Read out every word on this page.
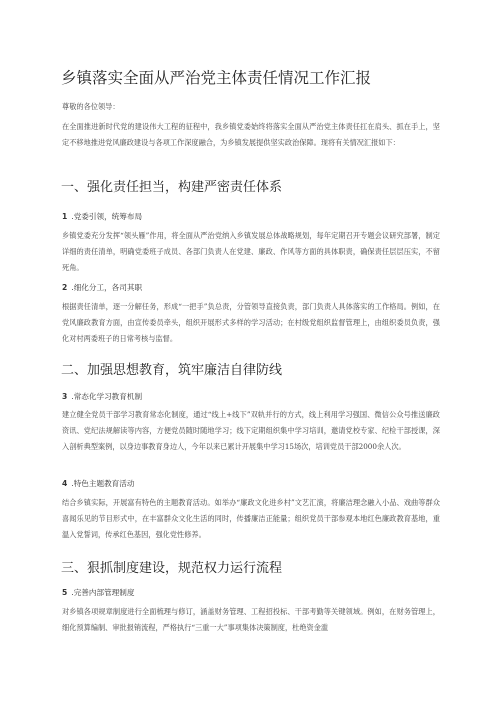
乡镇落实全面从严治党主体责任情况工作汇报

尊敬的各位领导：

在全面推进新时代党的建设伟大工程的征程中，我乡镇党委始终将落实全面从严治党主体责任扛在肩头、抓在手上，坚定不移地推进党风廉政建设与各项工作深度融合，为乡镇发展提供坚实政治保障。现将有关情况汇报如下：

一、强化责任担当，构建严密责任体系
1 .党委引领，统筹布局

乡镇党委充分发挥“领头雁”作用，将全面从严治党纳入乡镇发展总体战略规划，每年定期召开专题会议研究部署，制定详细的责任清单，明确党委班子成员、各部门负责人在党建、廉政、作风等方面的具体职责，确保责任层层压实，不留死角。

2 .细化分工，各司其职

根据责任清单，逐一分解任务，形成“一把手”负总责，分管领导直接负责，部门负责人具体落实的工作格局。例如，在党风廉政教育方面，由宣传委员牵头，组织开展形式多样的学习活动；在村级党组织监督管理上，由组织委员负责，强化对村两委班子的日常考核与监督。

二、加强思想教育，筑牢廉洁自律防线
3 .常态化学习教育机制

建立健全党员干部学习教育常态化制度，通过“线上+线下”双轨并行的方式，线上利用学习强国、微信公众号推送廉政资讯、党纪法规解读等内容，方便党员随时随地学习；线下定期组织集中学习培训，邀请党校专家、纪检干部授课，深入剖析典型案例，以身边事教育身边人，今年以来已累计开展集中学习15场次，培训党员干部2000余人次。

4 .特色主题教育活动

结合乡镇实际，开展富有特色的主题教育活动。如举办“廉政文化进乡村”文艺汇演，将廉洁理念融入小品、戏曲等群众喜闻乐见的节目形式中，在丰富群众文化生活的同时，传播廉洁正能量；组织党员干部参观本地红色廉政教育基地，重温入党誓词，传承红色基因，强化党性修养。

三、狠抓制度建设，规范权力运行流程
5 .完善内部管理制度

对乡镇各项规章制度进行全面梳理与修订，涵盖财务管理、工程招投标、干部考勤等关键领域。例如，在财务管理上，细化预算编制、审批报销流程，严格执行“三重一大”事项集体决策制度，杜绝资金滥
